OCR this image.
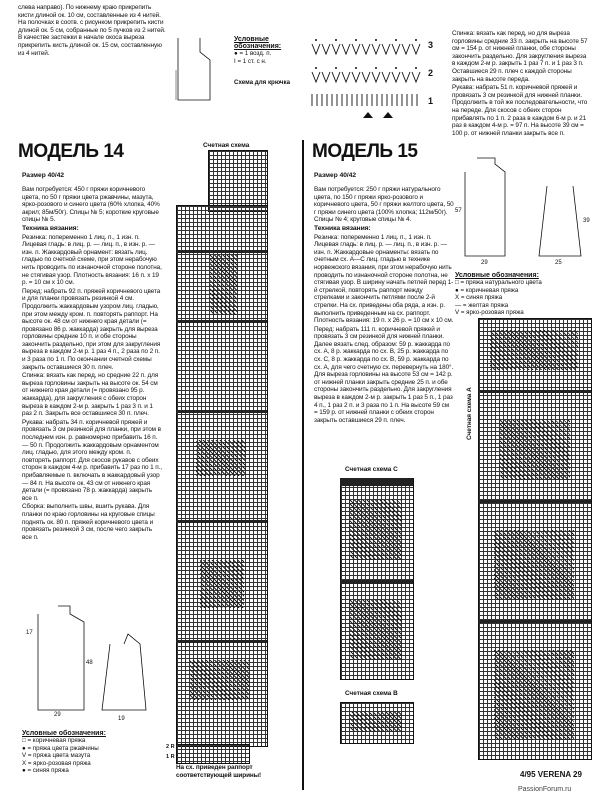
слева направо). По нижнему краю прикрепить кисти длиной ок. 10 см, составленные из 4 нитей. На полочках в соотв. с рисунком прикрепить кисти длиной ок. 5 см, собранные по 5 пучков из 2 нитей. В качестве застежки в начале окоса выреза прикрепить кисть длиной ок. 15 см, составленную из 4 нитей.

Условные обозначения:
● = 1 возд. п.
I = 1 ст. с н.
Схема для крючка
3
2
1

Спинка: вязать как перед, но для выреза горловины средние 33 п. закрыть на высоте 57 см = 154 р. от нижней планки, обе стороны закончить раздельно. Для закругления выреза в каждом 2-м р. закрыть 1 раз 7 п. и 1 раз 3 п. Оставшиеся 29 п. плеч с каждой стороны закрыть на высоте переда.

Рукава: набрать 51 п. коричневой пряжей и провязать 3 см резинкой для нижней планки. Продолжить в той же последовательности, что на переде. Для скосов с обеих сторон прибавлять по 1 п. 2 раза в каждом 6-м р. и 21 раз в каждом 4-м р. = 97 п. На высоте 39 см = 100 р. от нижней планки закрыть все п.

МОДЕЛЬ 14
Размер 40/42

Вам потребуется: 450 г пряжи коричневого цвета, по 50 г пряжи цвета ржавчины, мазута, ярко-розового и синего цвета (60% хлопка, 40% акрил; 85м/50г). Спицы № 5; короткие круговые спицы № 5.

Техника вязания:

Резинка: попеременно 1 лиц. п., 1 изн. п. Лицевая гладь: в лиц. р. — лиц. п., в изн. р. — изн. п. Жаккардовый орнамент: вязать лиц. гладью по счетной схеме, при этом нерабочую нить проводить по изнаночной стороне полотна, не стягивая узор. Плотность вязания: 16 п. х 19 р. = 10 см х 10 см.

Перед: набрать 92 п. пряжей коричневого цвета и для планки провязать резинкой 4 см. Продолжить жаккардовым узором лиц. гладью, при этом между кром. п. повторять раппорт. На высоте ок. 48 см от нижнего края детали (= провязано 86 р. жаккарда) закрыть для выреза горловины средние 10 п. и обе стороны закончить раздельно, при этом для закругления выреза в каждом 2-м р. 1 раз 4 п., 2 раза по 2 п. и 3 раза по 1 п. По окончании счетной схемы закрыть оставшиеся 30 п. плеч.

Спинка: вязать как перед, но средние 22 п. для выреза горловины закрыть на высоте ок. 54 см от нижнего края детали (= провязано 95 р. жаккарда), для закругления с обеих сторон выреза в каждом 2-м р. закрыть 1 раз 3 п. и 1 раз 2 п. Закрыть все оставшиеся 30 п. плеч.

Рукава: набрать 34 п. коричневой пряжей и провязать 3 см резинкой для планки, при этом в последнем изн. р. равномерно прибавить 16 п. — 50 п. Продолжить жаккардовым орнаментом лиц. гладью, для этого между кром. п. повторять раппорт. Для скосов рукавов с обеих сторон в каждом 4-м р. прибавить 17 раз по 1 п., прибавляемые п. включать в жаккардовый узор — 84 п. На высоте ок. 43 см от нижнего края детали (= провязано 78 р. жаккарда) закрыть все п.

Сборка: выполнить швы, вшить рукава. Для планки по краю горловины на круговые спицы поднять ок. 80 п. пряжей коричневого цвета и провязать резинкой 3 см, после чего закрыть все п.

17
29
19
48
Условные обозначения:
□ = коричневая пряжа
● = пряжа цвета ржавчины
V = пряжа цвета мазута
X = ярко-розовая пряжа
● = синяя пряжа
Счетная схема
2 R
1 R
На сх. приведен раппорт соответствующей ширины!
МОДЕЛЬ 15
Размер 40/42

Вам потребуется: 250 г пряжи натурального цвета, по 150 г пряжи ярко-розового и коричневого цвета, 50 г пряжи желтого цвета, 50 г пряжи синего цвета (100% хлопка; 112м/50г). Спицы № 4; круговые спицы № 4.

Техника вязания:

Резинка: попеременно 1 лиц. п., 1 изн. п. Лицевая гладь: в лиц. р. — лиц. п., в изн. р. — изн. п. Жаккардовые орнаменты: вязать по счетным сх. A—C лиц. гладью в технике норвежского вязания, при этом нерабочую нить проводить по изнаночной стороне полотна, не стягивая узор. В ширину начать петлей перед 1-й стрелкой, повторять раппорт между стрелками и закончить петлями после 2-й стрелки. На сх. приведены оба ряда, а изн. р. выполнить приведенным на сх. раппорт. Плотность вязания: 19 п. х 26 р. = 10 см х 10 см.

Перед: набрать 111 п. коричневой пряжей и провязать 3 см резинкой для нижней планки. Далее вязать след. образом: 59 р. жаккарда по сх. A, 8 р. жаккарда по сх. B, 25 р. жаккарда по сх. C, 8 р. жаккарда по сх. B, 59 р. жаккарда по сх. A, для чего счетную сх. перевернуть на 180°. Для выреза горловины на высоте 53 см = 142 р. от нижней планки закрыть средние 25 п. и обе стороны закончить раздельно. Для закругления выреза в каждом 2-м р. закрыть 1 раз 5 п., 1 раз 4 п., 1 раз 2 п. и 3 раза по 1 п. На высоте 59 см = 159 р. от нижней планки с обеих сторон закрыть оставшиеся 29 п. плеч.

57
29	25
39
Условные обозначения:
□ = пряжа натурального цвета
● = коричневая пряжа
X = синяя пряжа
— = желтая пряжа
V = ярко-розовая пряжа
Счетная схема A
Счетная схема C
Счетная схема B
4/95 VERENA 29
PassionForum.ru
